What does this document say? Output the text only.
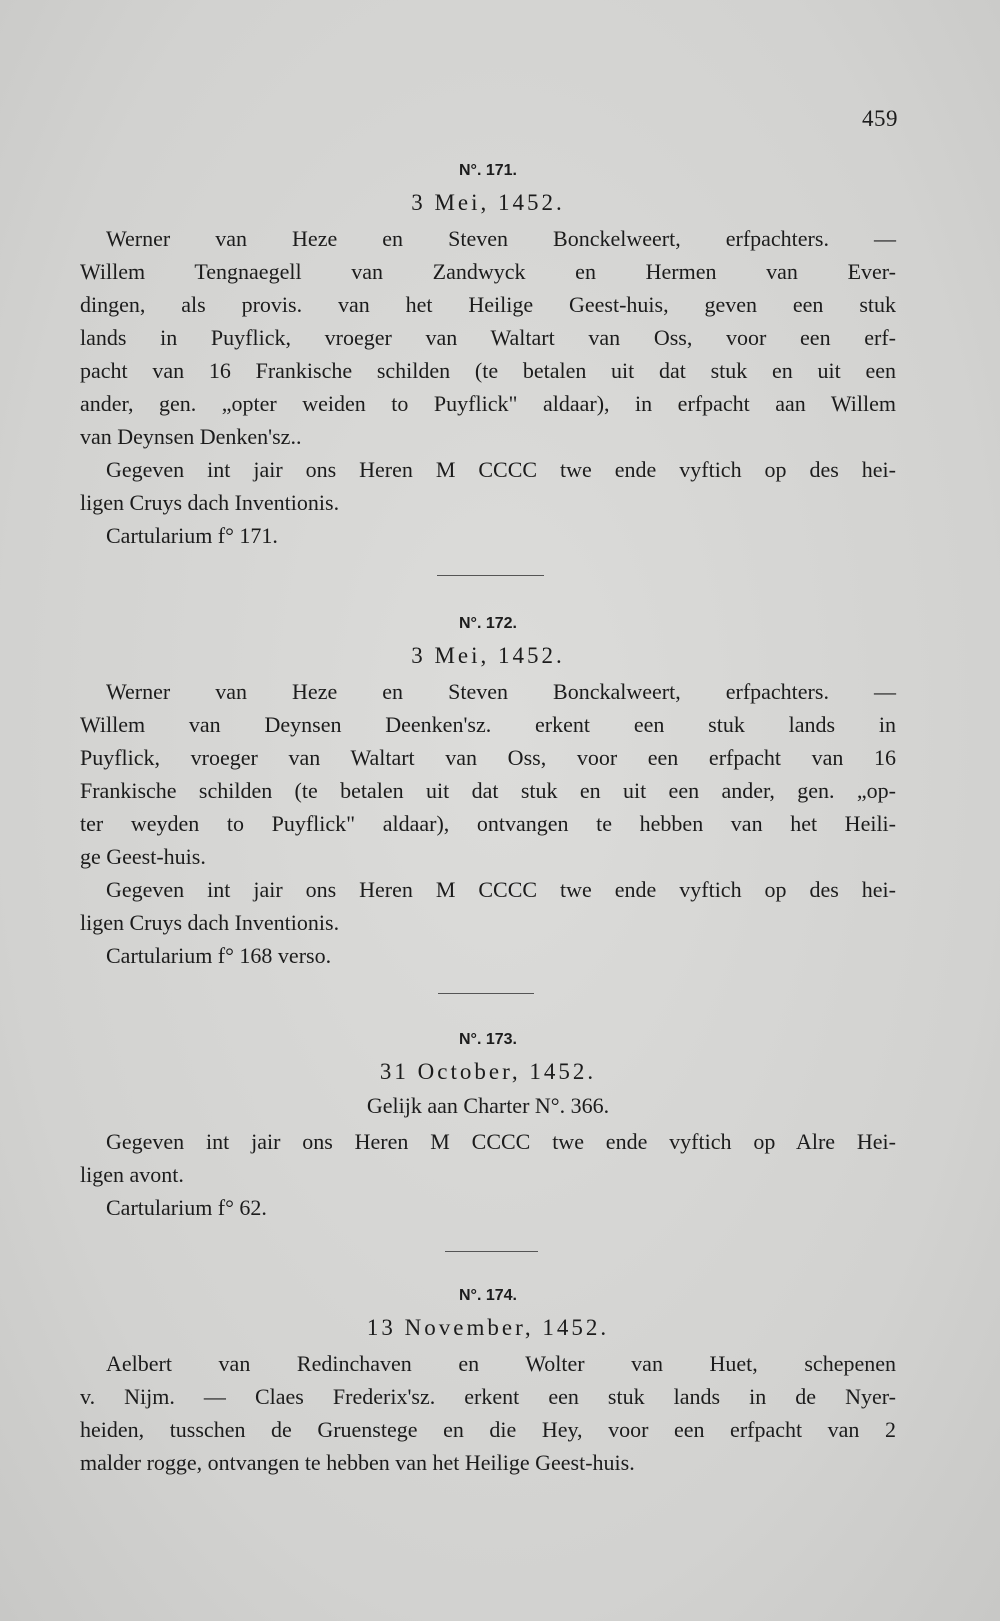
459
N°. 171.
3 Mei, 1452.
Werner van Heze en Steven Bonckelweert, erfpachters. —
Willem Tengnaegell van Zandwyck en Hermen van Ever-
dingen, als provis. van het Heilige Geest-huis, geven een stuk
lands in Puyflick, vroeger van Waltart van Oss, voor een erf-
pacht van 16 Frankische schilden (te betalen uit dat stuk en uit een
ander, gen. „opter weiden to Puyflick" aldaar), in erfpacht aan Willem
van Deynsen Denken'sz..
Gegeven int jair ons Heren M CCCC twe ende vyftich op des hei-
ligen Cruys dach Inventionis.
Cartularium f° 171.
N°. 172.
3 Mei, 1452.
Werner van Heze en Steven Bonckalweert, erfpachters. —
Willem van Deynsen Deenken'sz. erkent een stuk lands in
Puyflick, vroeger van Waltart van Oss, voor een erfpacht van 16
Frankische schilden (te betalen uit dat stuk en uit een ander, gen. „op-
ter weyden to Puyflick" aldaar), ontvangen te hebben van het Heili-
ge Geest-huis.
Gegeven int jair ons Heren M CCCC twe ende vyftich op des hei-
ligen Cruys dach Inventionis.
Cartularium f° 168 verso.
N°. 173.
31 October, 1452.
Gelijk aan Charter N°. 366.
Gegeven int jair ons Heren M CCCC twe ende vyftich op Alre Hei-
ligen avont.
Cartularium f° 62.
N°. 174.
13 November, 1452.
Aelbert van Redinchaven en Wolter van Huet, schepenen
v. Nijm. — Claes Frederix'sz. erkent een stuk lands in de Nyer-
heiden, tusschen de Gruenstege en die Hey, voor een erfpacht van 2
malder rogge, ontvangen te hebben van het Heilige Geest-huis.
